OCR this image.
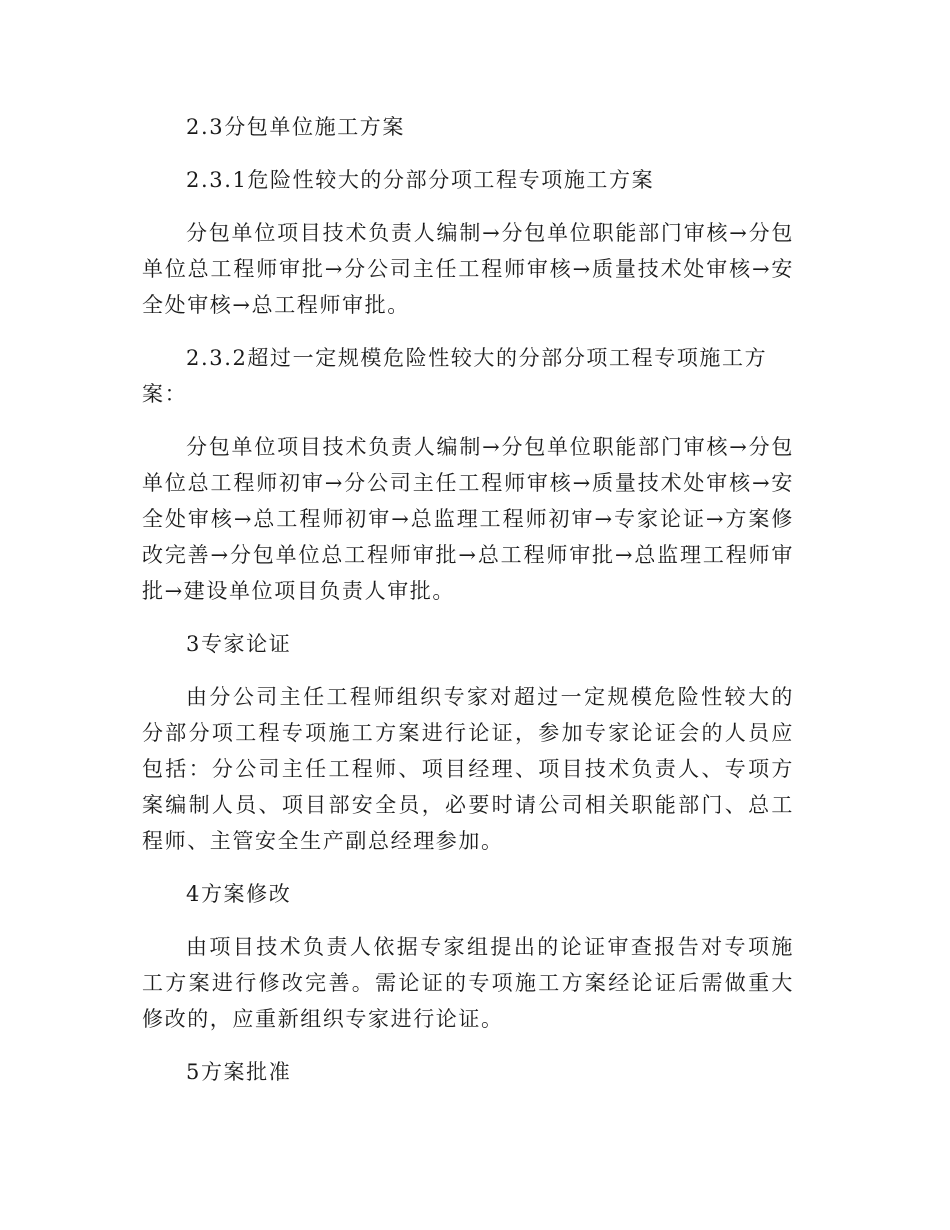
2.3分包单位施工方案

2.3.1危险性较大的分部分项工程专项施工方案

分包单位项目技术负责人编制→分包单位职能部门审核→分包单位总工程师审批→分公司主任工程师审核→质量技术处审核→安全处审核→总工程师审批。

2.3.2超过一定规模危险性较大的分部分项工程专项施工方案：

分包单位项目技术负责人编制→分包单位职能部门审核→分包单位总工程师初审→分公司主任工程师审核→质量技术处审核→安全处审核→总工程师初审→总监理工程师初审→专家论证→方案修改完善→分包单位总工程师审批→总工程师审批→总监理工程师审批→建设单位项目负责人审批。

3专家论证

由分公司主任工程师组织专家对超过一定规模危险性较大的分部分项工程专项施工方案进行论证，参加专家论证会的人员应包括：分公司主任工程师、项目经理、项目技术负责人、专项方案编制人员、项目部安全员，必要时请公司相关职能部门、总工程师、主管安全生产副总经理参加。

4方案修改

由项目技术负责人依据专家组提出的论证审查报告对专项施工方案进行修改完善。需论证的专项施工方案经论证后需做重大修改的，应重新组织专家进行论证。

5方案批准
